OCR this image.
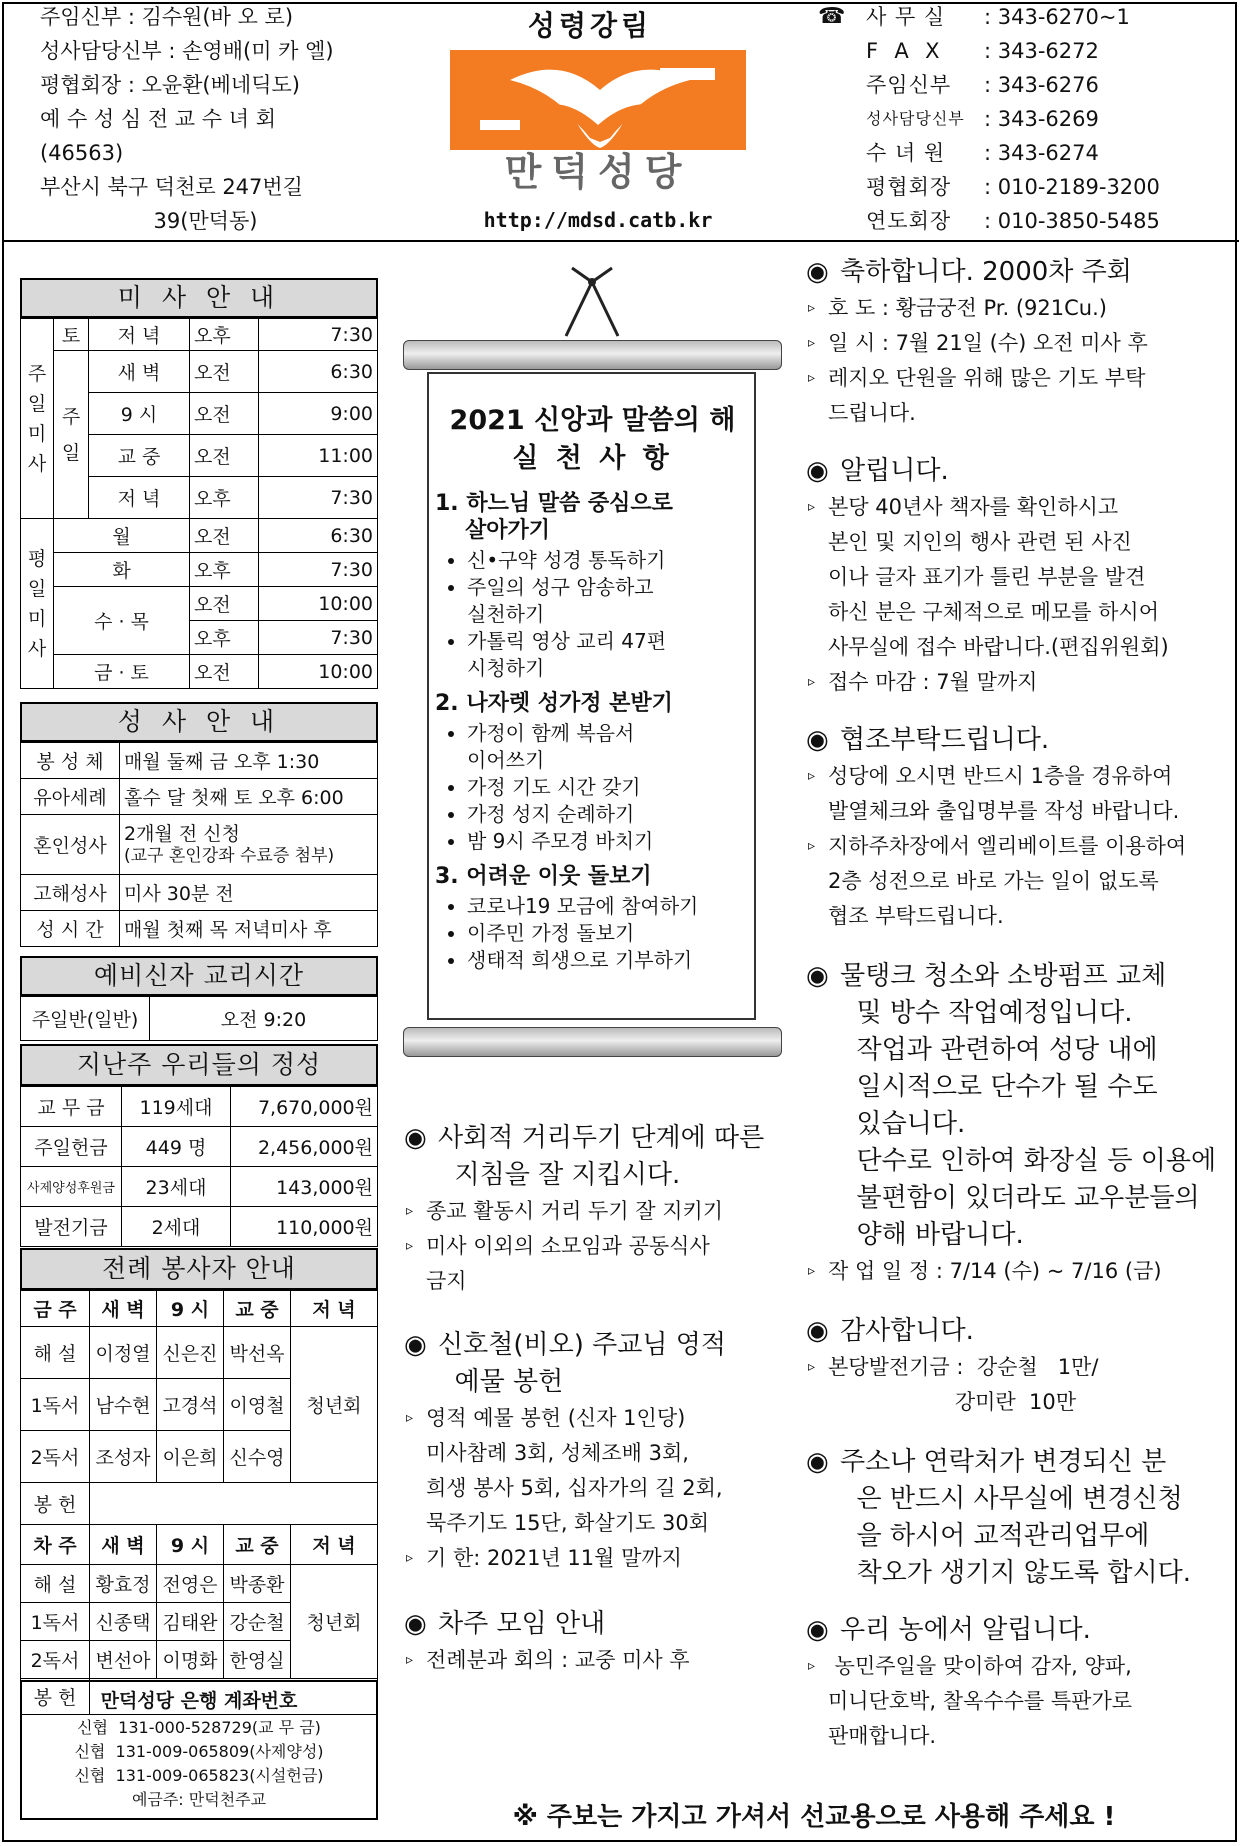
주임신부 : 김수원(바 오 로)
성사담당신부 : 손영배(미 카 엘)
평협회장 : 오윤환(베네딕도)
예 수 성 심 전 교 수 녀 회
(46563)
부산시 북구 덕천로 247번길
39(만덕동)
성령강림
만덕성당
http://mdsd.catb.kr
☎ 사 무 실	: 343-6270~1
F  A  X	: 343-6272
주임신부	: 343-6276
성사담당신부 : 343-6269
수 녀 원	: 343-6274
평협회장	: 010-2189-3200
연도회장	: 010-3850-5485
미 사 안 내
주일미사	토	저 녁	오후	7:30
	주일	새 벽	오전	6:30
		9 시	오전	9:00
		교 중	오전	11:00
		저 녁	오후	7:30
평일미사	월		오전	6:30
	화		오후	7:30
	수 · 목		오전	10:00
			오후	7:30
	금 · 토		오전	10:00
성 사 안 내
봉 성 체	매월 둘째 금 오후 1:30
유아세례	홀수 달 첫째 토 오후 6:00
혼인성사	2개월 전 신청
(교구 혼인강좌 수료증 첨부)

고해성사	미사 30분 전
성 시 간	매월 첫째 목 저녁미사 후
예비신자 교리시간
주일반(일반)	오전 9:20
지난주 우리들의 정성
교 무 금	119세대	7,670,000원
주일헌금	449 명	2,456,000원
사제양성후원금	23세대	143,000원
발전기금	2세대	110,000원
전례 봉사자 안내
금 주	새 벽	9 시	교 중	저 녁
해 설	이정열	신은진	박선옥	청년회
1독서	남수현	고경석	이영철	
2독서	조성자	이은희	신수영	
봉 헌				
차 주	새 벽	9 시	교 중	저 녁
해 설	황효정	전영은	박종환	청년회
1독서	신종택	김태완	강순철	
2독서	변선아	이명화	한영실	
봉 헌					만덕성당 은행 계좌번호
신협  131-000-528729(교 무 금)
신협  131-009-065809(사제양성)
신협  131-009-065823(시설헌금)
예금주: 만덕천주교
2021 신앙과 말씀의 해
실 천 사 항
1. 하느님 말씀 중심으로
살아가기
• 신•구약 성경 통독하기
• 주일의 성구 암송하고
실천하기
• 가톨릭 영상 교리 47편
시청하기
2. 나자렛 성가정 본받기
• 가정이 함께 복음서
이어쓰기
• 가정 기도 시간 갖기
• 가정 성지 순례하기
• 밤 9시 주모경 바치기
3. 어려운 이웃 돌보기
• 코로나19 모금에 참여하기
• 이주민 가정 돌보기
• 생태적 희생으로 기부하기
◉ 사회적 거리두기 단계에 따른
지침을 잘 지킵시다.
▹ 종교 활동시 거리 두기 잘 지키기
▹ 미사 이외의 소모임과 공동식사
금지
◉ 신호철(비오) 주교님 영적
예물 봉헌
▹ 영적 예물 봉헌 (신자 1인당)
미사참례 3회, 성체조배 3회,
희생 봉사 5회, 십자가의 길 2회,
묵주기도 15단, 화살기도 30회
▹ 기 한: 2021년 11월 말까지
◉ 차주 모임 안내
▹ 전례분과 회의 : 교중 미사 후
◉ 축하합니다. 2000차 주회
▹ 호 도 : 황금궁전 Pr. (921Cu.)
▹ 일 시 : 7월 21일 (수) 오전 미사 후
▹ 레지오 단원을 위해 많은 기도 부탁
드립니다.
◉ 알립니다.
▹ 본당 40년사 책자를 확인하시고
본인 및 지인의 행사 관련 된 사진
이나 글자 표기가 틀린 부분을 발견
하신 분은 구체적으로 메모를 하시어
사무실에 접수 바랍니다.(편집위원회)
▹ 접수 마감 : 7월 말까지
◉ 협조부탁드립니다.
▹ 성당에 오시면 반드시 1층을 경유하여
발열체크와 출입명부를 작성 바랍니다.
▹ 지하주차장에서 엘리베이트를 이용하여
2층 성전으로 바로 가는 일이 없도록
협조 부탁드립니다.
◉ 물탱크 청소와 소방펌프 교체
및 방수 작업예정입니다.
작업과 관련하여 성당 내에
일시적으로 단수가 될 수도
있습니다.
단수로 인하여 화장실 등 이용에
불편함이 있더라도 교우분들의
양해 바랍니다.
▹ 작 업 일 정 : 7/14 (수) ~ 7/16 (금)
◉ 감사합니다.
▹ 본당발전기금 :  강순철   1만/
강미란  10만
◉ 주소나 연락처가 변경되신 분
은 반드시 사무실에 변경신청
을 하시어 교적관리업무에
착오가 생기지 않도록 합시다.
◉ 우리 농에서 알립니다.
▹ 농민주일을 맞이하여 감자, 양파,
미니단호박, 찰옥수수를 특판가로
판매합니다.
※ 주보는 가지고 가셔서 선교용으로 사용해 주세요 !
